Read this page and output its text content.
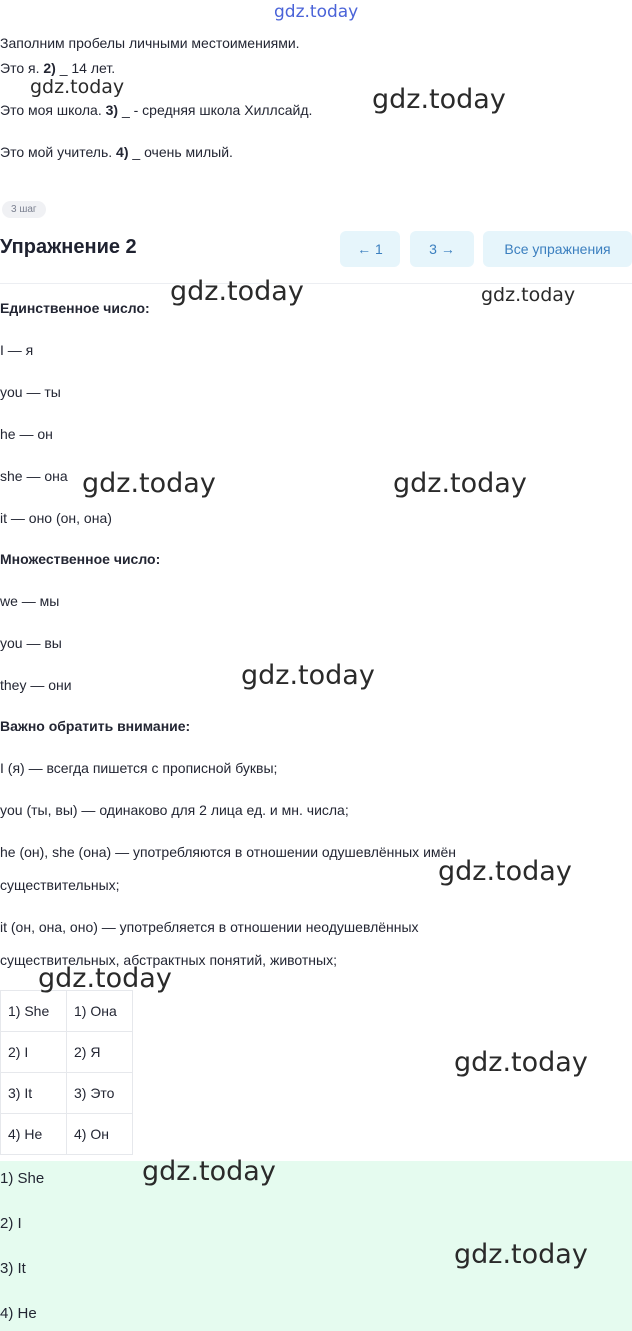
gdz.today
Заполним пробелы личными местоимениями.
Это я. 2) _ 14 лет.
Это моя школа. 3) _ - средняя школа Хиллсайд.
Это мой учитель. 4) _ очень милый.
3 шаг
Упражнение 2	← 1	3 →	Все упражнения
Единственное число:
I — я
you — ты
he — он
she — она
it — оно (он, она)
Множественное число:
we — мы
you — вы
they — они
Важно обратить внимание:
I (я) — всегда пишется с прописной буквы;
you (ты, вы) — одинаково для 2 лица ед. и мн. числа;
he (он), she (она) — употребляются в отношении одушевлённых имён
существительных;
it (он, она, оно) — употребляется в отношении неодушевлённых
существительных, абстрактных понятий, животных;
1) She	1) Она
2) I	2) Я
3) It	3) Это
4) He	4) Он
1) She
2) I
3) It
4) He
gdz.today	gdz.today
gdz.today	gdz.today
gdz.today	gdz.today
gdz.today
gdz.today
gdz.today
gdz.today
gdz.today
gdz.today
